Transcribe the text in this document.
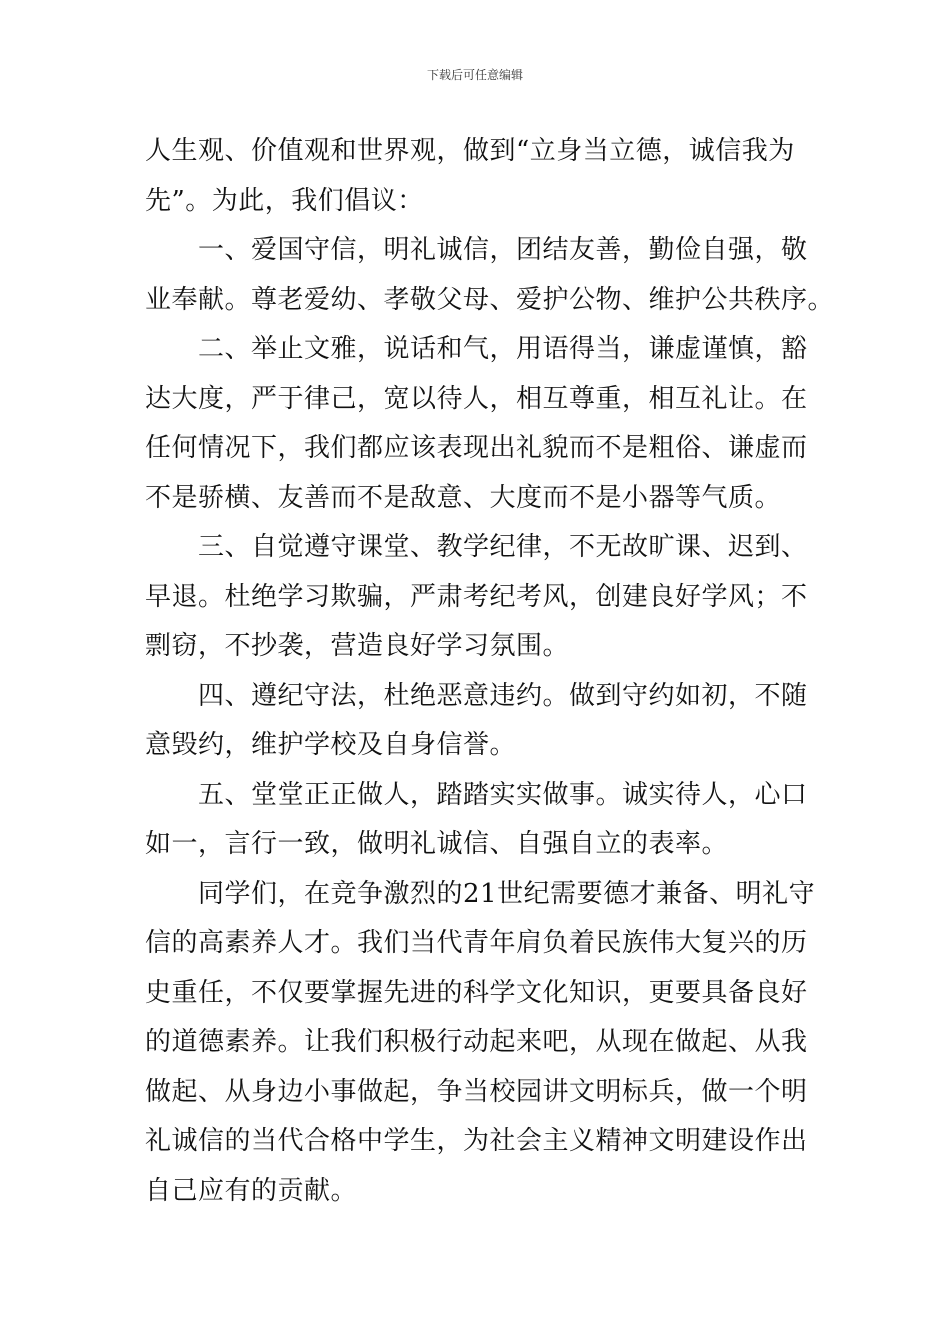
下载后可任意编辑
人生观、价值观和世界观，做到“立身当立德，诚信我为
先”。为此，我们倡议：
一、爱国守信，明礼诚信，团结友善，勤俭自强，敬
业奉献。尊老爱幼、孝敬父母、爱护公物、维护公共秩序。
二、举止文雅，说话和气，用语得当，谦虚谨慎，豁
达大度，严于律己，宽以待人，相互尊重，相互礼让。在
任何情况下，我们都应该表现出礼貌而不是粗俗、谦虚而
不是骄横、友善而不是敌意、大度而不是小器等气质。
三、自觉遵守课堂、教学纪律，不无故旷课、迟到、
早退。杜绝学习欺骗，严肃考纪考风，创建良好学风；不
剽窃，不抄袭，营造良好学习氛围。
四、遵纪守法，杜绝恶意违约。做到守约如初，不随
意毁约，维护学校及自身信誉。
五、堂堂正正做人，踏踏实实做事。诚实待人，心口
如一，言行一致，做明礼诚信、自强自立的表率。
同学们，在竞争激烈的21世纪需要德才兼备、明礼守
信的高素养人才。我们当代青年肩负着民族伟大复兴的历
史重任，不仅要掌握先进的科学文化知识，更要具备良好
的道德素养。让我们积极行动起来吧，从现在做起、从我
做起、从身边小事做起，争当校园讲文明标兵，做一个明
礼诚信的当代合格中学生，为社会主义精神文明建设作出
自己应有的贡献。
